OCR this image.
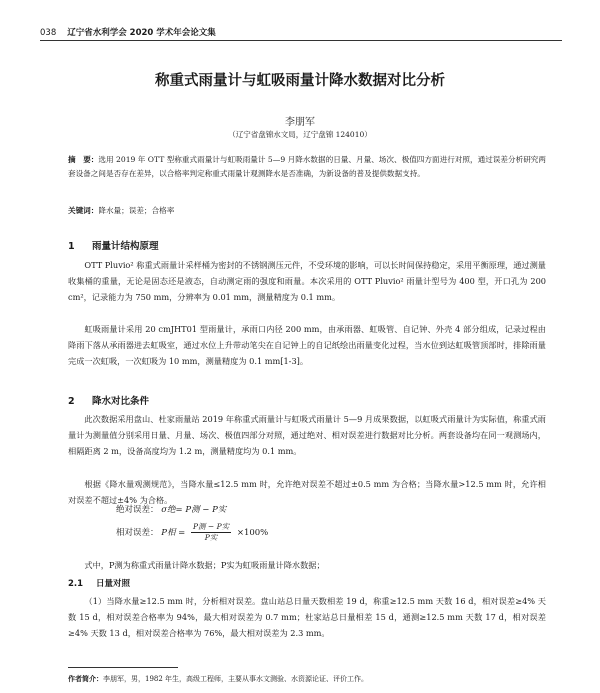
038 辽宁省水利学会 2020 学术年会论文集
称重式雨量计与虹吸雨量计降水数据对比分析
李朋军
（辽宁省盘锦水文局，辽宁盘锦 124010）
摘　要：选用 2019 年 OTT 型称重式雨量计与虹吸雨量计 5—9 月降水数据的日量、月量、场次、极值四方面进行对照，通过误差分析研究两套设备之间是否存在差异，以合格率判定称重式雨量计观测降水是否准确，为新设备的普及提供数据支持。
关键词：降水量；误差；合格率
1 雨量计结构原理
OTT Pluvio² 称重式雨量计采样桶为密封的不锈钢测压元件，不受环境的影响，可以长时间保持稳定，采用平衡原理，通过测量收集桶的重量，无论是固态还是液态，自动测定雨的强度和雨量。本次采用的 OTT Pluvio² 雨量计型号为 400 型，开口孔为 200 cm²，记录能力为 750 mm，分辨率为 0.01 mm，测量精度为 0.1 mm。
虹吸雨量计采用 20 cmJHT01 型雨量计，承雨口内径 200 mm，由承雨器、虹吸管、自记钟、外壳 4 部分组成，记录过程由降雨下落从承雨器进去虹吸室，通过水位上升带动笔尖在自记钟上的自记纸绘出雨量变化过程，当水位到达虹吸管顶部时，排除雨量完成一次虹吸，一次虹吸为 10 mm，测量精度为 0.1 mm[1-3]。
2 降水对比条件
此次数据采用盘山、杜家雨量站 2019 年称重式雨量计与虹吸式雨量计 5—9 月成果数据，以虹吸式雨量计为实际值，称重式雨量计为测量值分别采用日量、月量、场次、极值四部分对照，通过绝对、相对误差进行数据对比分析。两套设备均在同一观测场内，相隔距离 2 m，设备高度均为 1.2 m，测量精度均为 0.1 mm。
根据《降水量观测规范》，当降水量≤12.5 mm 时，允许绝对误差不超过±0.5 mm 为合格；当降水量>12.5 mm 时，允许相对误差不超过±4% 为合格。
绝对误差： σ绝= P测 − P实
相对误差： P相 = $\frac{\text{P测 − P实}}{\text{P实}} \times 100\%$
式中，P测为称重式雨量计降水数据；P实为虹吸雨量计降水数据；
2.1 日量对照
（1）当降水量≥12.5 mm 时，分析相对误差。盘山站总日量天数相差 19 d，称重≥12.5 mm 天数 16 d，相对误差≥4% 天数 15 d，相对误差合格率为 94%，最大相对误差为 0.7 mm；杜家站总日量相差 15 d，通测≥12.5 mm 天数 17 d，相对误差≥4% 天数 13 d，相对误差合格率为 76%，最大相对误差为 2.3 mm。
作者简介：李朋军，男，1982 年生，高级工程师，主要从事水文测验、水资源论证、评价工作。
